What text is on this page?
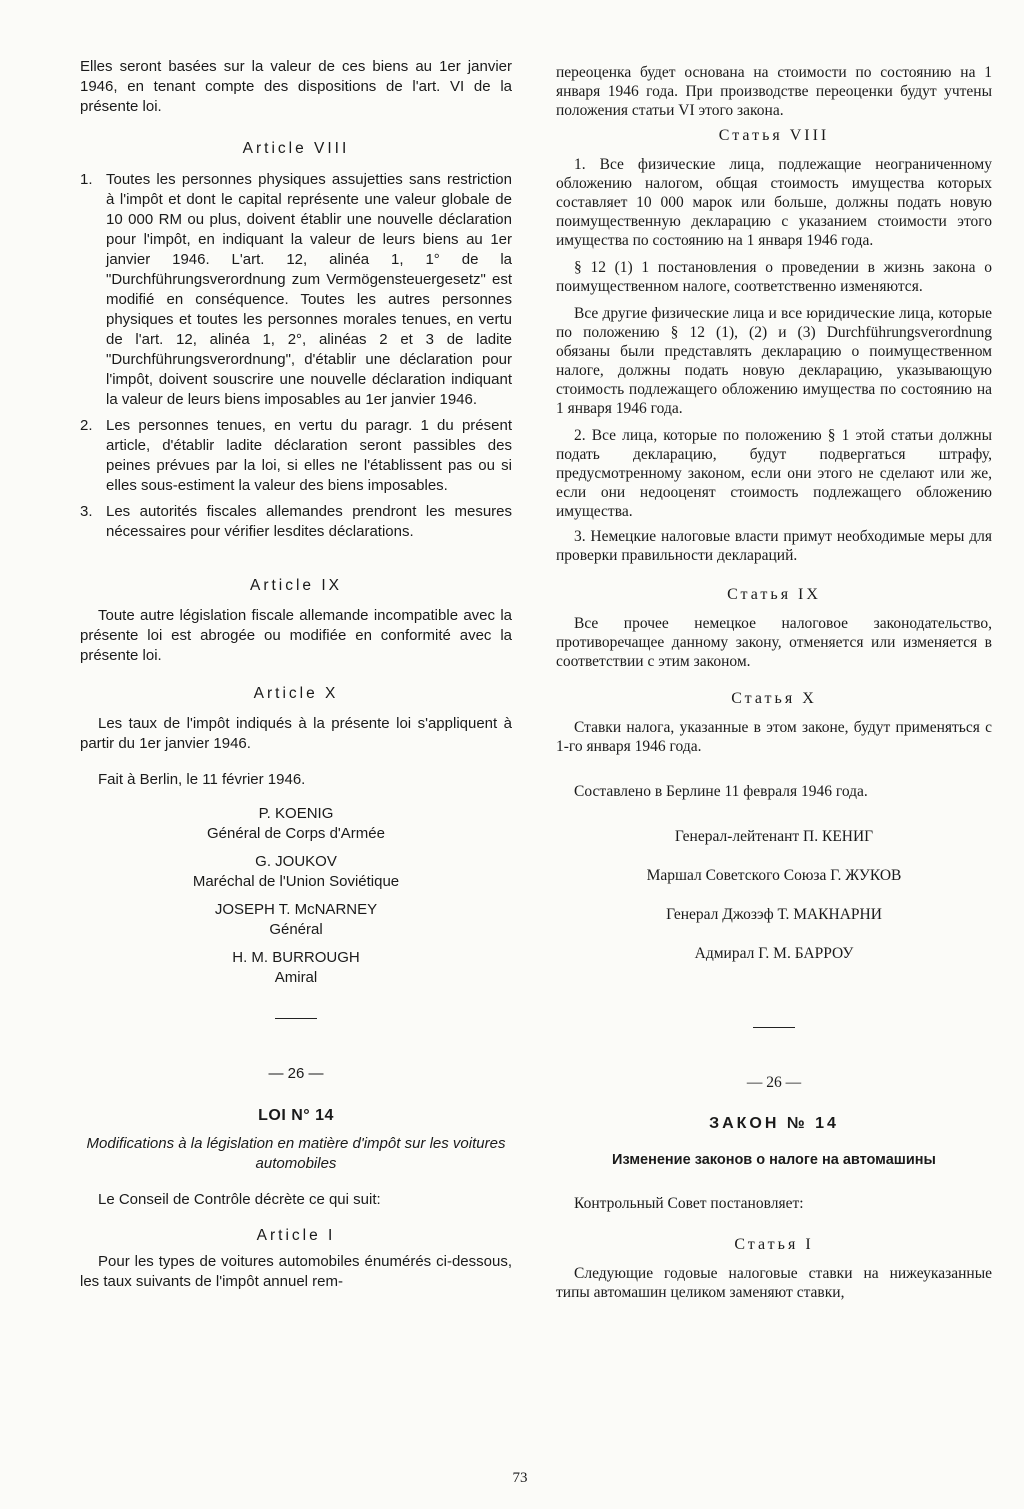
Elles seront basées sur la valeur de ces biens au 1er janvier 1946, en tenant compte des dispositions de l'art. VI de la présente loi.

Article VIII

1. Toutes les personnes physiques assujetties sans restriction à l'impôt et dont le capital représente une valeur globale de 10 000 RM ou plus, doivent établir une nouvelle déclaration pour l'impôt, en indiquant la valeur de leurs biens au 1er janvier 1946. L'art. 12, alinéa 1, 1° de la "Durchführungsverordnung zum Vermögensteuergesetz" est modifié en conséquence. Toutes les autres personnes physiques et toutes les personnes morales tenues, en vertu de l'art. 12, alinéa 1, 2°, alinéas 2 et 3 de ladite "Durchführungsverordnung", d'établir une déclaration pour l'impôt, doivent souscrire une nouvelle déclaration indiquant la valeur de leurs biens imposables au 1er janvier 1946.
2. Les personnes tenues, en vertu du paragr. 1 du présent article, d'établir ladite déclaration seront passibles des peines prévues par la loi, si elles ne l'établissent pas ou si elles sous-estiment la valeur des biens imposables.
3. Les autorités fiscales allemandes prendront les mesures nécessaires pour vérifier lesdites déclarations.

Article IX

Toute autre législation fiscale allemande incompatible avec la présente loi est abrogée ou modifiée en conformité avec la présente loi.

Article X

Les taux de l'impôt indiqués à la présente loi s'appliquent à partir du 1er janvier 1946.

Fait à Berlin, le 11 février 1946.

P. KOENIG

Général de Corps d'Armée

G. JOUKOV

Maréchal de l'Union Soviétique

JOSEPH T. McNARNEY

Général

H. M. BURROUGH

Amiral

— 26 —

LOI N° 14

Modifications à la législation en matière d'impôt sur les voitures automobiles

Le Conseil de Contrôle décrète ce qui suit:

Article I

Pour les types de voitures automobiles énumérés ci-dessous, les taux suivants de l'impôt annuel rem-

переоценка будет основана на стоимости по состоянию на 1 января 1946 года. При производстве переоценки будут учтены положения статьи VI этого закона.

Статья VIII

1. Все физические лица, подлежащие неограниченному обложению налогом, общая стоимость имущества которых составляет 10 000 марок или больше, должны подать новую поимущественную декларацию с указанием стоимости этого имущества по состоянию на 1 января 1946 года.

§ 12 (1) 1 постановления о проведении в жизнь закона о поимущественном налоге, соответственно изменяются.

Все другие физические лица и все юридические лица, которые по положению § 12 (1), (2) и (3) Durchführungsverordnung обязаны были представлять декларацию о поимущественном налоге, должны подать новую декларацию, указывающую стоимость подлежащего обложению имущества по состоянию на 1 января 1946 года.

2. Все лица, которые по положению § 1 этой статьи должны подать декларацию, будут подвергаться штрафу, предусмотренному законом, если они этого не сделают или же, если они недооценят стоимость подлежащего обложению имущества.

3. Немецкие налоговые власти примут необходимые меры для проверки правильности деклараций.

Статья IX

Все прочее немецкое налоговое законодательство, противоречащее данному закону, отменяется или изменяется в соответствии с этим законом.

Статья X

Ставки налога, указанные в этом законе, будут применяться с 1-го января 1946 года.

Составлено в Берлине 11 февраля 1946 года.

Генерал-лейтенант П. КЕНИГ

Маршал Советского Союза Г. ЖУКОВ

Генерал Джозэф Т. МАКНАРНИ

Адмирал Г. М. БАРРОУ

— 26 —

ЗАКОН № 14

Изменение законов о налоге на автомашины

Контрольный Совет постановляет:

Статья I

Следующие годовые налоговые ставки на нижеуказанные типы автомашин целиком заменяют ставки,

73
